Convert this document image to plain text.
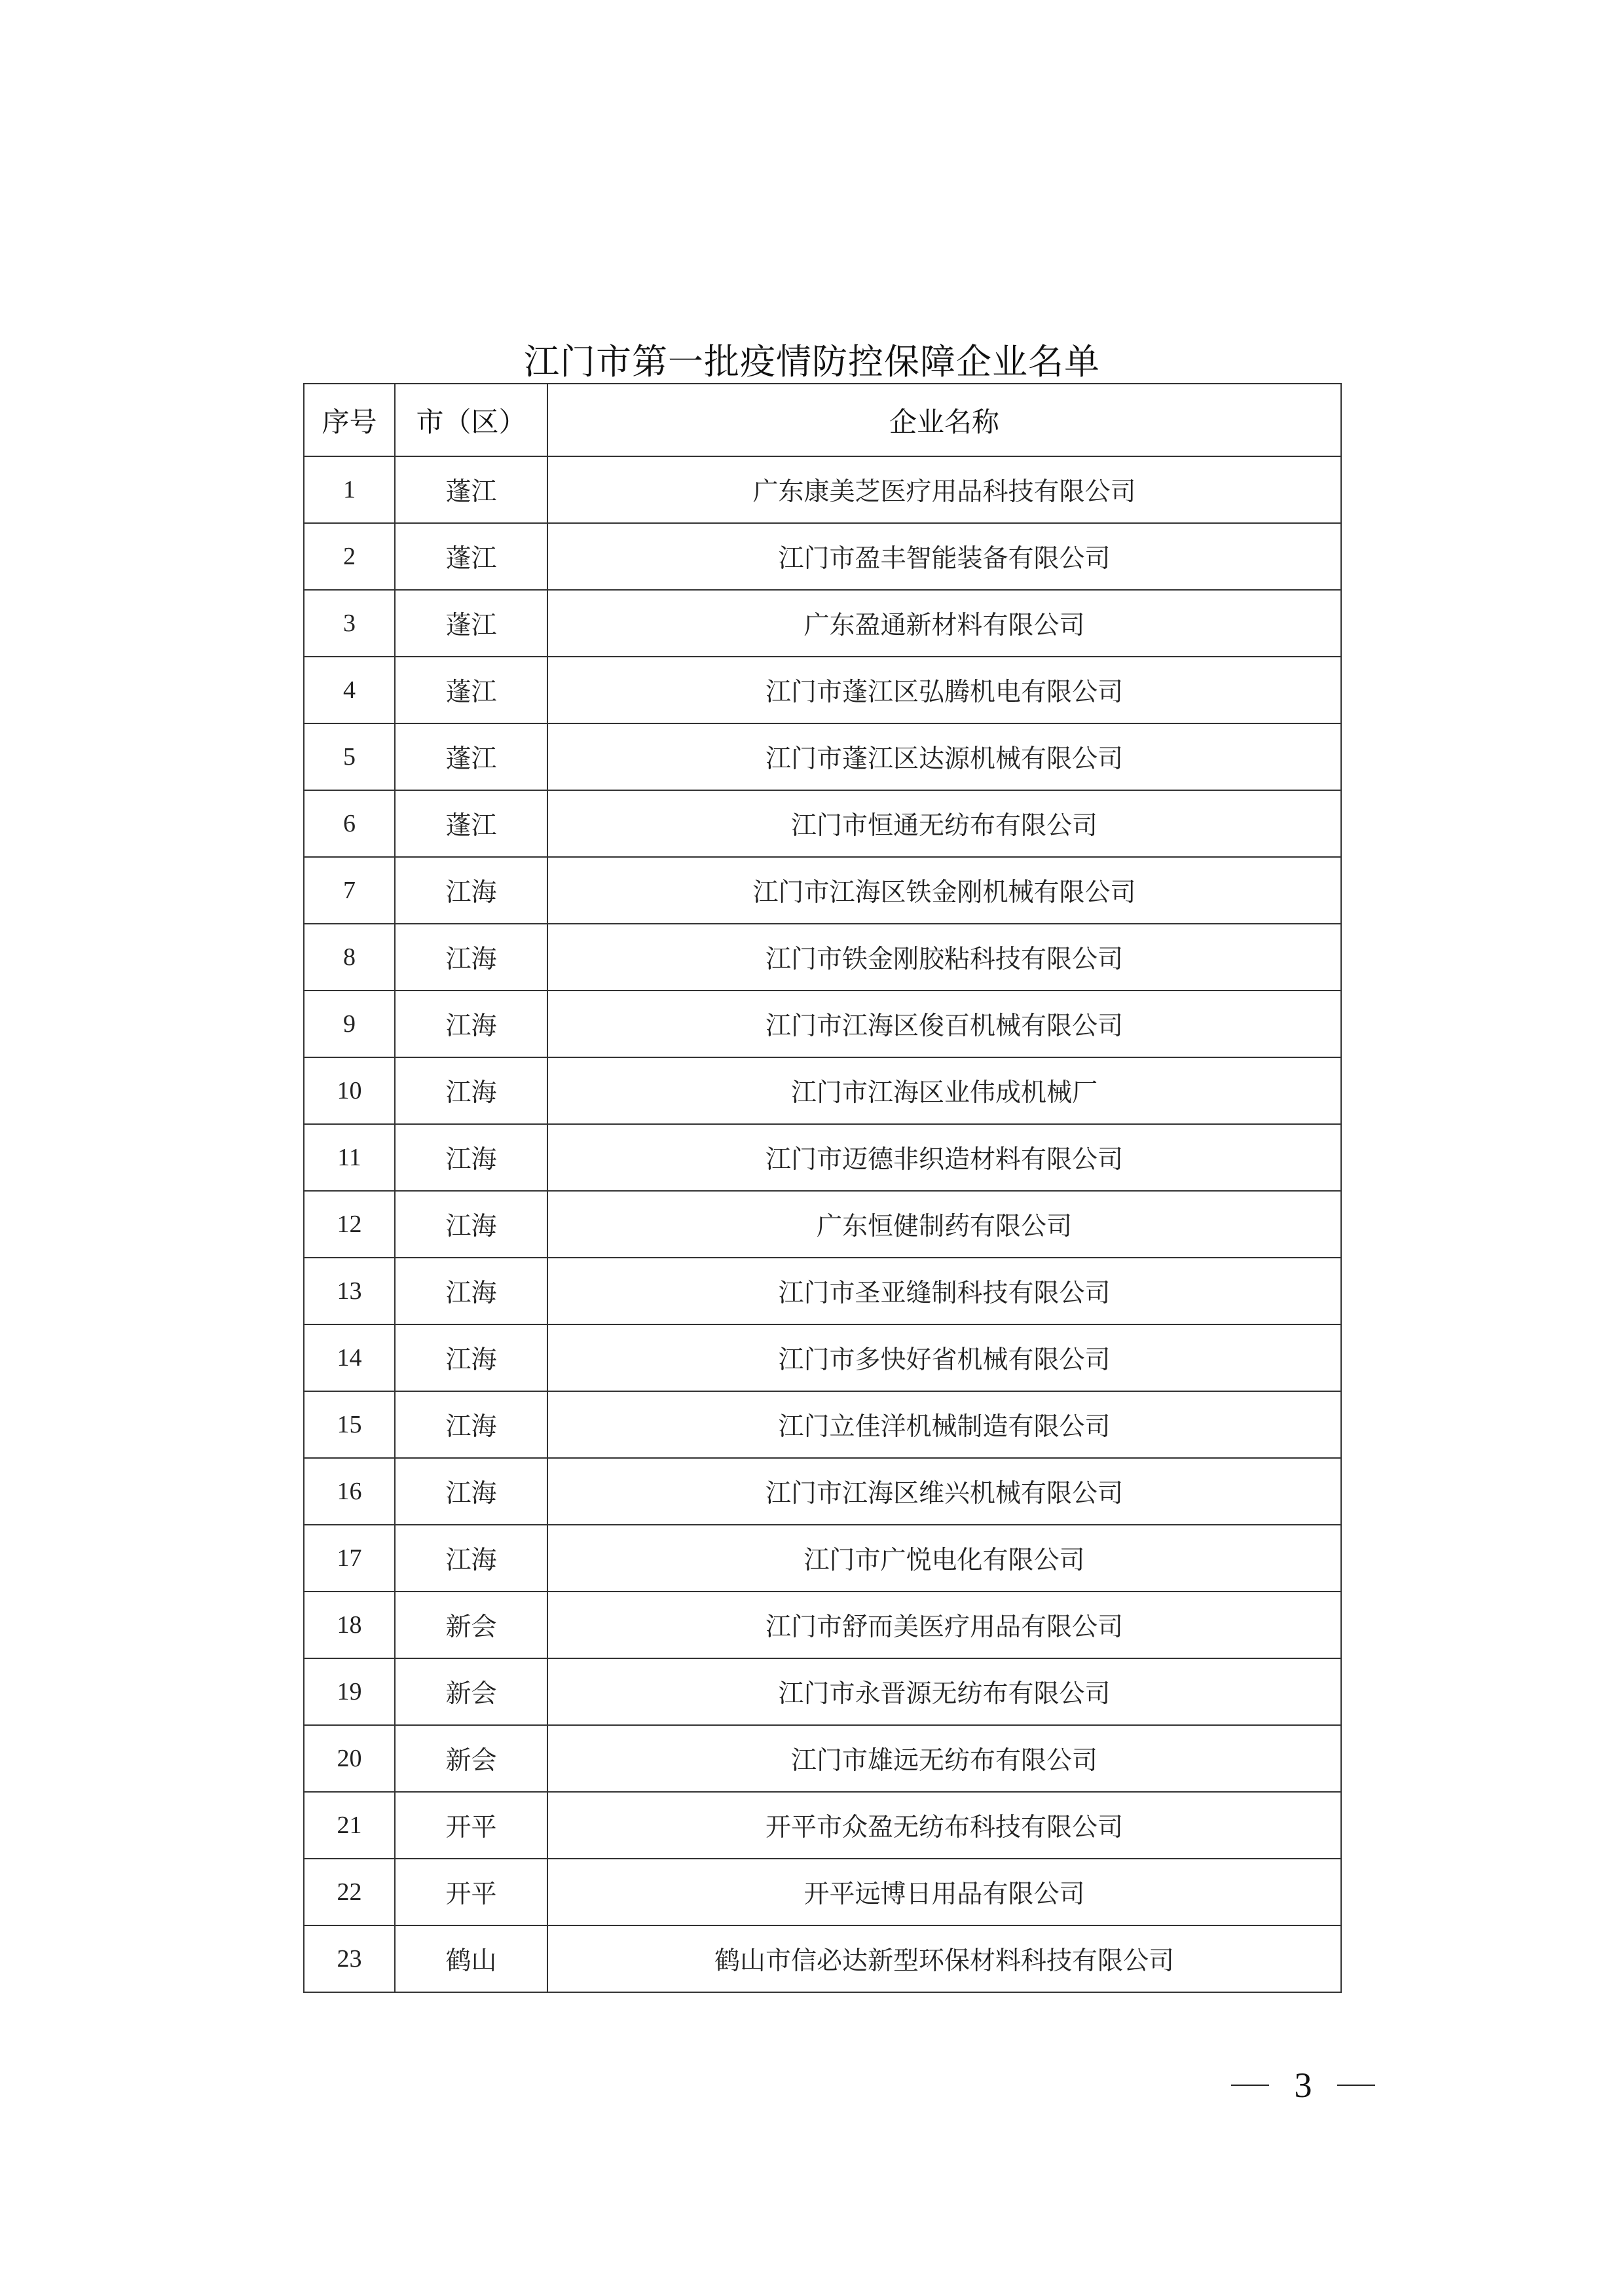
江门市第一批疫情防控保障企业名单
序号	市（区）	企业名称
1	蓬江	广东康美芝医疗用品科技有限公司
2	蓬江	江门市盈丰智能装备有限公司
3	蓬江	广东盈通新材料有限公司
4	蓬江	江门市蓬江区弘腾机电有限公司
5	蓬江	江门市蓬江区达源机械有限公司
6	蓬江	江门市恒通无纺布有限公司
7	江海	江门市江海区铁金刚机械有限公司
8	江海	江门市铁金刚胶粘科技有限公司
9	江海	江门市江海区俊百机械有限公司
10	江海	江门市江海区业伟成机械厂
11	江海	江门市迈德非织造材料有限公司
12	江海	广东恒健制药有限公司
13	江海	江门市圣亚缝制科技有限公司
14	江海	江门市多快好省机械有限公司
15	江海	江门立佳洋机械制造有限公司
16	江海	江门市江海区维兴机械有限公司
17	江海	江门市广悦电化有限公司
18	新会	江门市舒而美医疗用品有限公司
19	新会	江门市永晋源无纺布有限公司
20	新会	江门市雄远无纺布有限公司
21	开平	开平市众盈无纺布科技有限公司
22	开平	开平远博日用品有限公司
23	鹤山	鹤山市信必达新型环保材料科技有限公司
3
